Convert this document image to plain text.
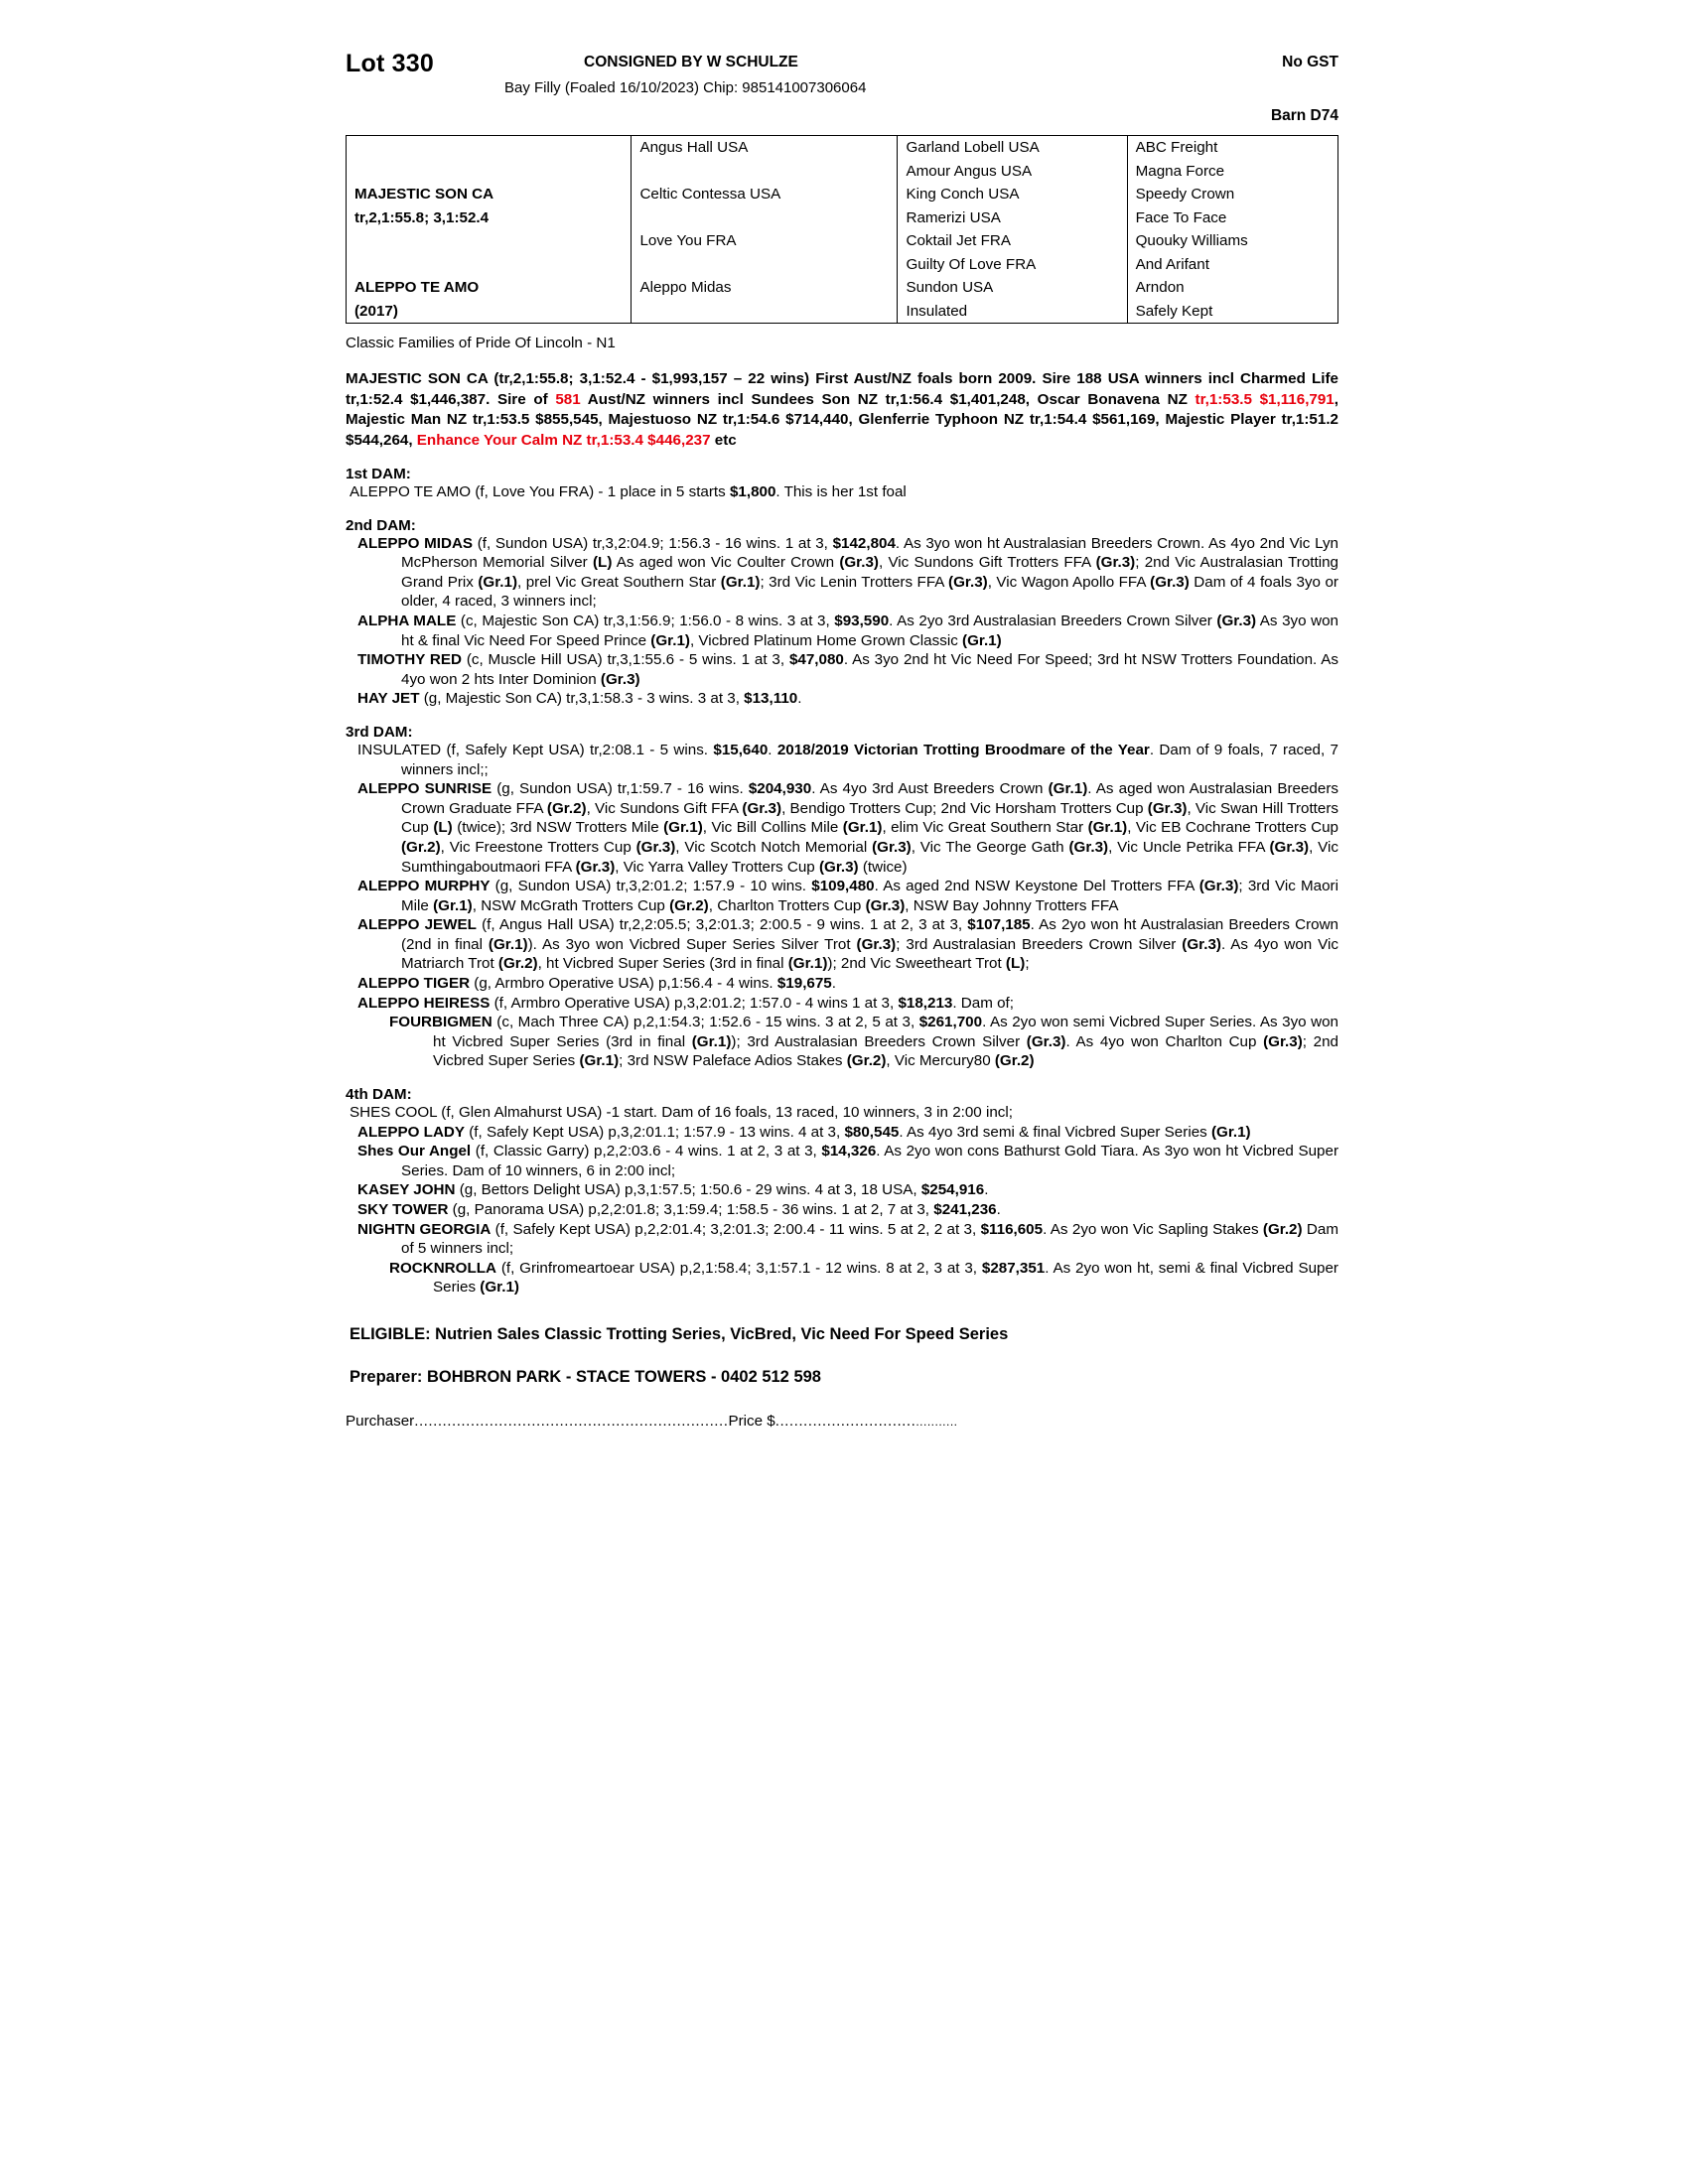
Lot 330	CONSIGNED BY W SCHULZE	No GST
Bay Filly (Foaled 16/10/2023) Chip: 985141007306064
Barn D74
	Angus Hall USA	Garland Lobell USA	ABC Freight
		Amour Angus USA	Magna Force
MAJESTIC SON CA	Celtic Contessa USA	King Conch USA	Speedy Crown
tr,2,1:55.8; 3,1:52.4		Ramerizi USA	Face To Face
	Love You FRA	Coktail Jet FRA	Quouky Williams
		Guilty Of Love FRA	And Arifant
ALEPPO TE AMO	Aleppo Midas	Sundon USA	Arndon
(2017)		Insulated	Safely Kept
Classic Families of Pride Of Lincoln - N1
MAJESTIC SON CA (tr,2,1:55.8; 3,1:52.4 - $1,993,157 – 22 wins) First Aust/NZ foals born 2009. Sire 188 USA winners incl Charmed Life tr,1:52.4 $1,446,387. Sire of 581 Aust/NZ winners incl Sundees Son NZ tr,1:56.4 $1,401,248, Oscar Bonavena NZ tr,1:53.5 $1,116,791, Majestic Man NZ tr,1:53.5 $855,545, Majestuoso NZ tr,1:54.6 $714,440, Glenferrie Typhoon NZ tr,1:54.4 $561,169, Majestic Player tr,1:51.2 $544,264, Enhance Your Calm NZ tr,1:53.4 $446,237 etc
1st DAM:
ALEPPO TE AMO (f, Love You FRA) - 1 place in 5 starts $1,800. This is her 1st foal
2nd DAM:
ALEPPO MIDAS (f, Sundon USA) tr,3,2:04.9; 1:56.3 - 16 wins. 1 at 3, $142,804. As 3yo won ht Australasian Breeders Crown. As 4yo 2nd Vic Lyn McPherson Memorial Silver (L) As aged won Vic Coulter Crown (Gr.3), Vic Sundons Gift Trotters FFA (Gr.3); 2nd Vic Australasian Trotting Grand Prix (Gr.1), prel Vic Great Southern Star (Gr.1); 3rd Vic Lenin Trotters FFA (Gr.3), Vic Wagon Apollo FFA (Gr.3) Dam of 4 foals 3yo or older, 4 raced, 3 winners incl;
ALPHA MALE (c, Majestic Son CA) tr,3,1:56.9; 1:56.0 - 8 wins. 3 at 3, $93,590. As 2yo 3rd Australasian Breeders Crown Silver (Gr.3) As 3yo won ht & final Vic Need For Speed Prince (Gr.1), Vicbred Platinum Home Grown Classic (Gr.1)
TIMOTHY RED (c, Muscle Hill USA) tr,3,1:55.6 - 5 wins. 1 at 3, $47,080. As 3yo 2nd ht Vic Need For Speed; 3rd ht NSW Trotters Foundation. As 4yo won 2 hts Inter Dominion (Gr.3)
HAY JET (g, Majestic Son CA) tr,3,1:58.3 - 3 wins. 3 at 3, $13,110.
3rd DAM:
INSULATED (f, Safely Kept USA) tr,2:08.1 - 5 wins. $15,640. 2018/2019 Victorian Trotting Broodmare of the Year. Dam of 9 foals, 7 raced, 7 winners incl;;
ALEPPO SUNRISE (g, Sundon USA) tr,1:59.7 - 16 wins. $204,930. As 4yo 3rd Aust Breeders Crown (Gr.1). As aged won Australasian Breeders Crown Graduate FFA (Gr.2), Vic Sundons Gift FFA (Gr.3), Bendigo Trotters Cup; 2nd Vic Horsham Trotters Cup (Gr.3), Vic Swan Hill Trotters Cup (L) (twice); 3rd NSW Trotters Mile (Gr.1), Vic Bill Collins Mile (Gr.1), elim Vic Great Southern Star (Gr.1), Vic EB Cochrane Trotters Cup (Gr.2), Vic Freestone Trotters Cup (Gr.3), Vic Scotch Notch Memorial (Gr.3), Vic The George Gath (Gr.3), Vic Uncle Petrika FFA (Gr.3), Vic Sumthingaboutmaori FFA (Gr.3), Vic Yarra Valley Trotters Cup (Gr.3) (twice)
ALEPPO MURPHY (g, Sundon USA) tr,3,2:01.2; 1:57.9 - 10 wins. $109,480. As aged 2nd NSW Keystone Del Trotters FFA (Gr.3); 3rd Vic Maori Mile (Gr.1), NSW McGrath Trotters Cup (Gr.2), Charlton Trotters Cup (Gr.3), NSW Bay Johnny Trotters FFA
ALEPPO JEWEL (f, Angus Hall USA) tr,2,2:05.5; 3,2:01.3; 2:00.5 - 9 wins. 1 at 2, 3 at 3, $107,185. As 2yo won ht Australasian Breeders Crown (2nd in final (Gr.1)). As 3yo won Vicbred Super Series Silver Trot (Gr.3); 3rd Australasian Breeders Crown Silver (Gr.3). As 4yo won Vic Matriarch Trot (Gr.2), ht Vicbred Super Series (3rd in final (Gr.1)); 2nd Vic Sweetheart Trot (L);
ALEPPO TIGER (g, Armbro Operative USA) p,1:56.4 - 4 wins. $19,675.
ALEPPO HEIRESS (f, Armbro Operative USA) p,3,2:01.2; 1:57.0 - 4 wins 1 at 3, $18,213. Dam of;
FOURBIGMEN (c, Mach Three CA) p,2,1:54.3; 1:52.6 - 15 wins. 3 at 2, 5 at 3, $261,700. As 2yo won semi Vicbred Super Series. As 3yo won ht Vicbred Super Series (3rd in final (Gr.1)); 3rd Australasian Breeders Crown Silver (Gr.3). As 4yo won Charlton Cup (Gr.3); 2nd Vicbred Super Series (Gr.1); 3rd NSW Paleface Adios Stakes (Gr.2), Vic Mercury80 (Gr.2)
4th DAM:
SHES COOL (f, Glen Almahurst USA) -1 start. Dam of 16 foals, 13 raced, 10 winners, 3 in 2:00 incl;
ALEPPO LADY (f, Safely Kept USA) p,3,2:01.1; 1:57.9 - 13 wins. 4 at 3, $80,545. As 4yo 3rd semi & final Vicbred Super Series (Gr.1)
Shes Our Angel (f, Classic Garry) p,2,2:03.6 - 4 wins. 1 at 2, 3 at 3, $14,326. As 2yo won cons Bathurst Gold Tiara. As 3yo won ht Vicbred Super Series. Dam of 10 winners, 6 in 2:00 incl;
KASEY JOHN (g, Bettors Delight USA) p,3,1:57.5; 1:50.6 - 29 wins. 4 at 3, 18 USA, $254,916.
SKY TOWER (g, Panorama USA) p,2,2:01.8; 3,1:59.4; 1:58.5 - 36 wins. 1 at 2, 7 at 3, $241,236.
NIGHTN GEORGIA (f, Safely Kept USA) p,2,2:01.4; 3,2:01.3; 2:00.4 - 11 wins. 5 at 2, 2 at 3, $116,605. As 2yo won Vic Sapling Stakes (Gr.2) Dam of 5 winners incl;
ROCKNROLLA (f, Grinfromeartoear USA) p,2,1:58.4; 3,1:57.1 - 12 wins. 8 at 2, 3 at 3, $287,351. As 2yo won ht, semi & final Vicbred Super Series (Gr.1)
ELIGIBLE: Nutrien Sales Classic Trotting Series, VicBred, Vic Need For Speed Series
Preparer: BOHBRON PARK - STACE TOWERS - 0402 512 598
Purchaser...................................................................Price $.........................................
